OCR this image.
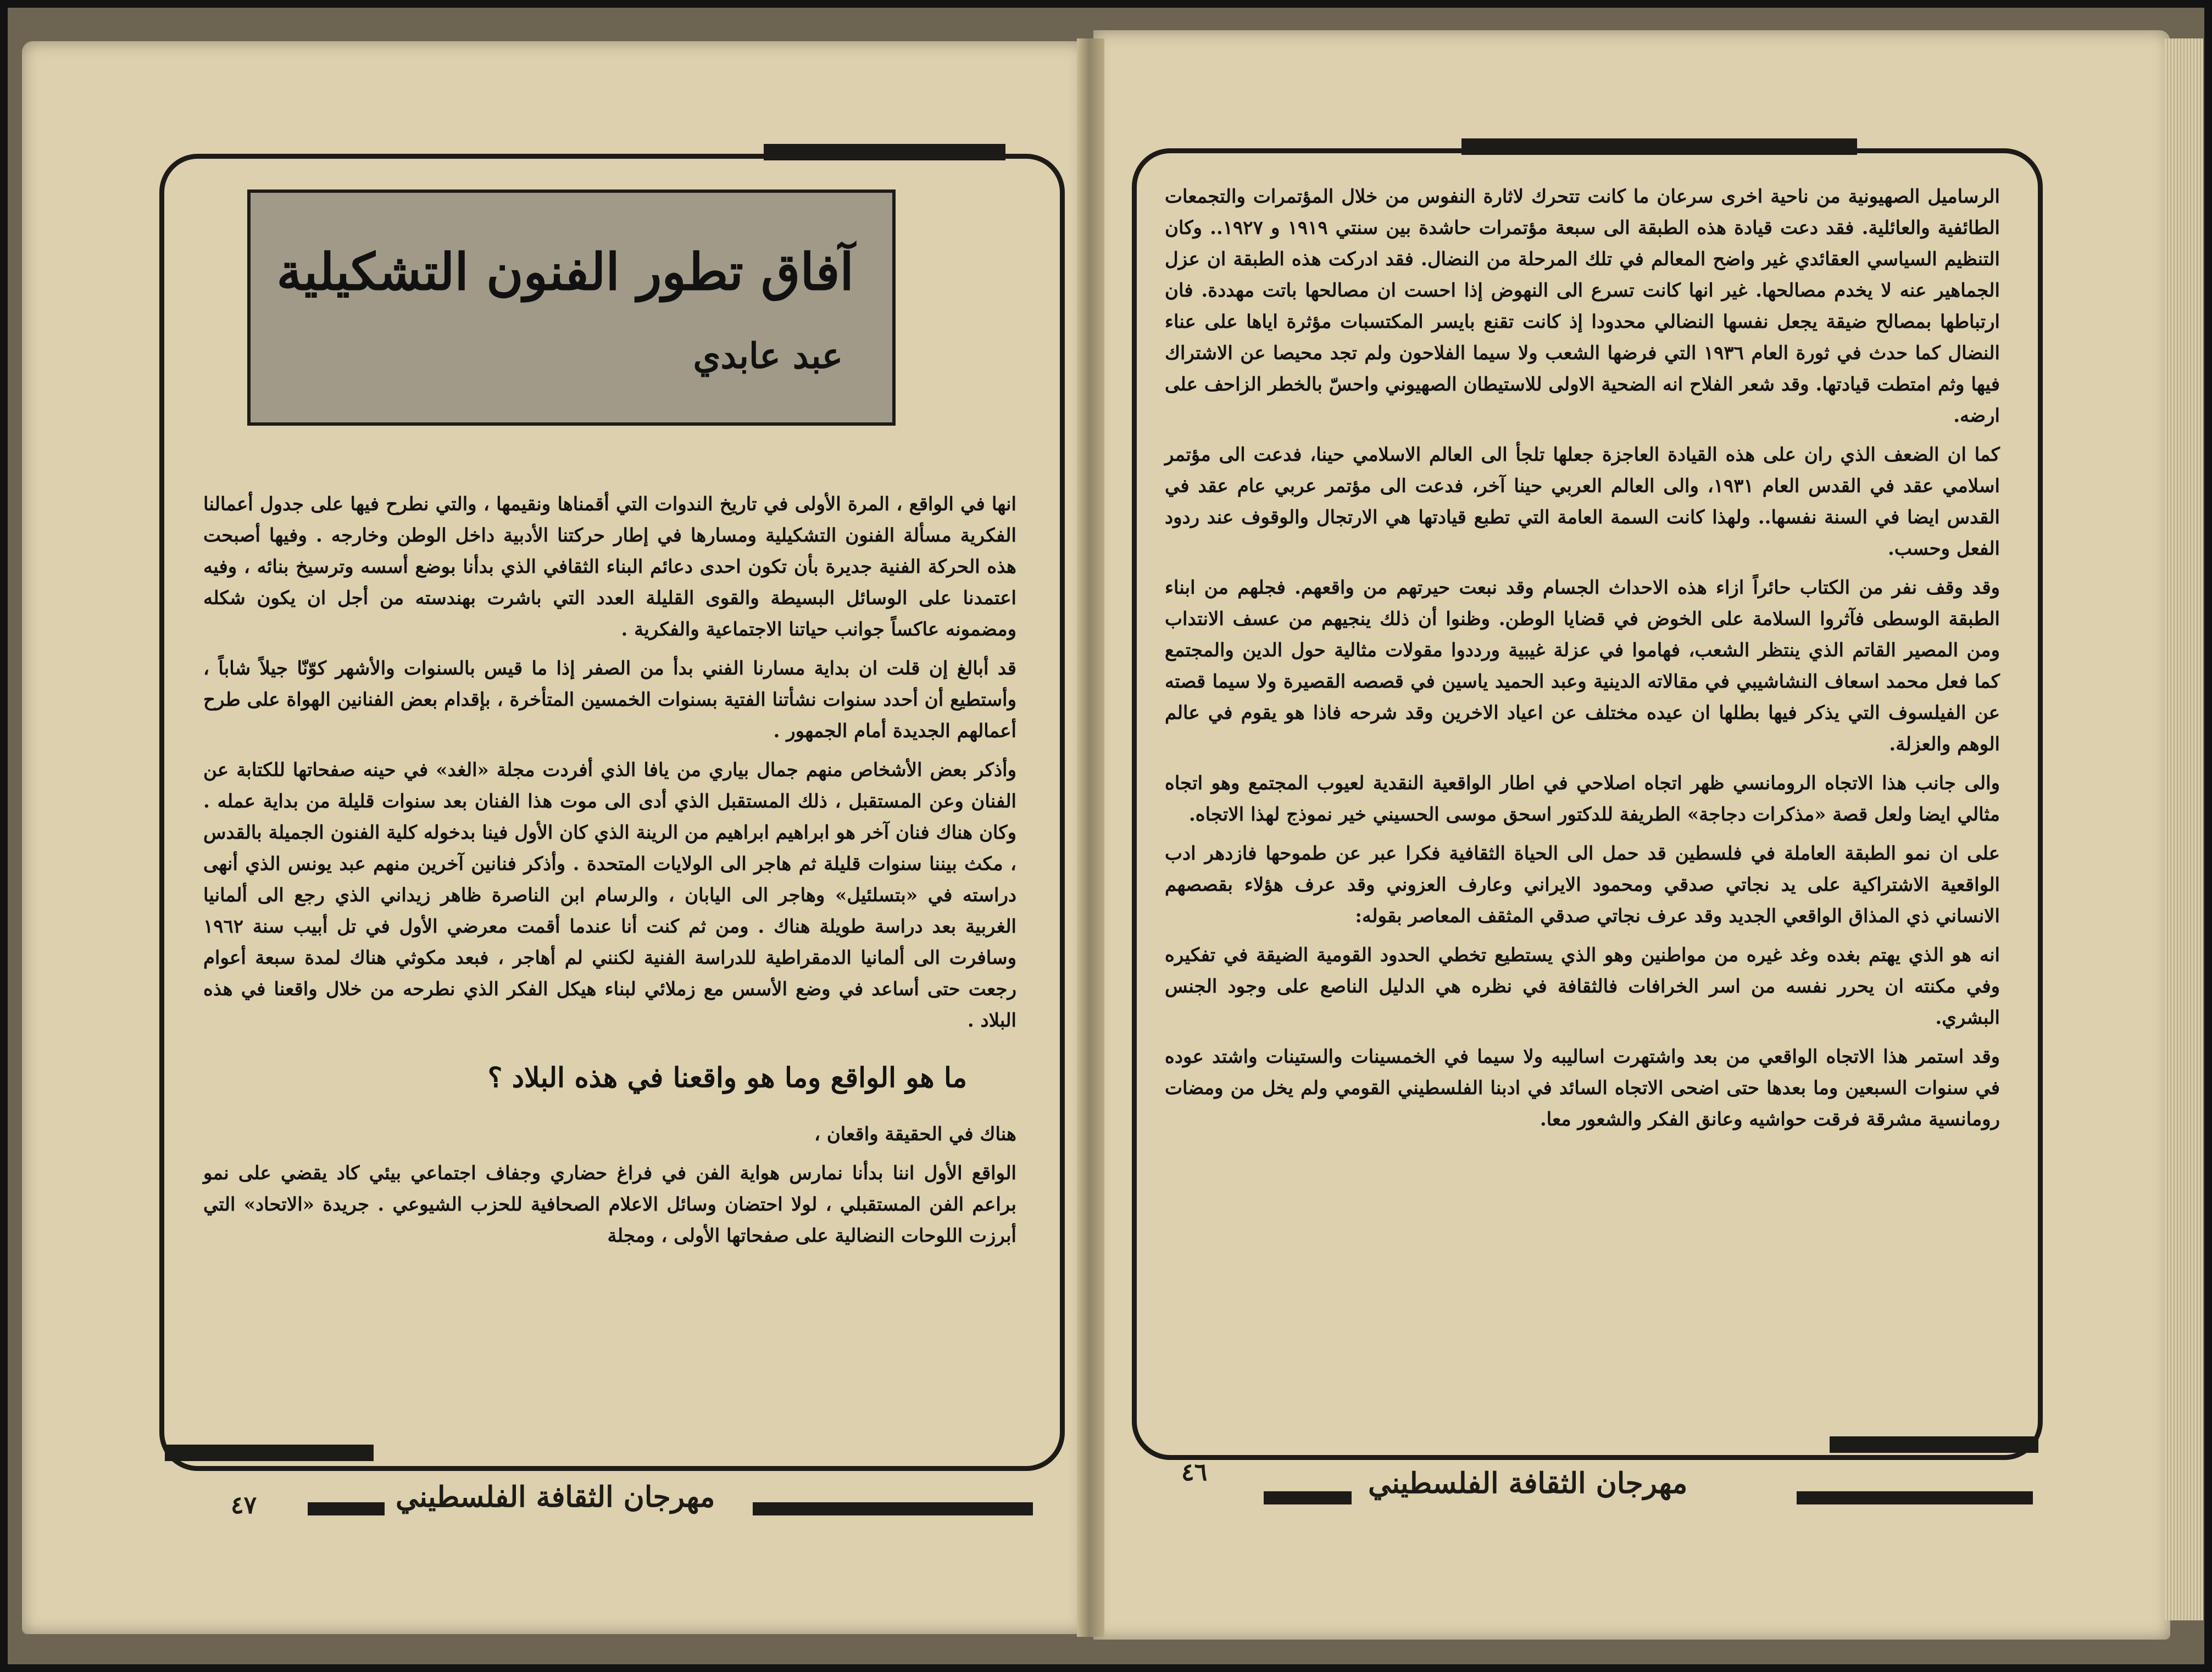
آفاق تطور الفنون التشكيلية
عبد عابدي

انها في الواقع ، المرة الأولى في تاريخ الندوات التي أقمناها ونقيمها ، والتي نطرح فيها على جدول أعمالنا الفكرية مسألة الفنون التشكيلية ومسارها في إطار حركتنا الأدبية داخل الوطن وخارجه . وفيها أصبحت هذه الحركة الفنية جديرة بأن تكون احدى دعائم البناء الثقافي الذي بدأنا بوضع أسسه وترسيخ بنائه ، وفيه اعتمدنا على الوسائل البسيطة والقوى القليلة العدد التي باشرت بهندسته من أجل ان يكون شكله ومضمونه عاكساً جوانب حياتنا الاجتماعية والفكرية .

قد أبالغ إن قلت ان بداية مسارنا الفني بدأ من الصفر إذا ما قيس بالسنوات والأشهر كوّنّا جيلاً شاباً ، وأستطيع أن أحدد سنوات نشأتنا الفتية بسنوات الخمسين المتأخرة ، بإقدام بعض الفنانين الهواة على طرح أعمالهم الجديدة أمام الجمهور .

وأذكر بعض الأشخاص منهم جمال بياري من يافا الذي أفردت مجلة «الغد» في حينه صفحاتها للكتابة عن الفنان وعن المستقبل ، ذلك المستقبل الذي أدى الى موت هذا الفنان بعد سنوات قليلة من بداية عمله . وكان هناك فنان آخر هو ابراهيم ابراهيم من الرينة الذي كان الأول فينا بدخوله كلية الفنون الجميلة بالقدس ، مكث بيننا سنوات قليلة ثم هاجر الى الولايات المتحدة . وأذكر فنانين آخرين منهم عبد يونس الذي أنهى دراسته في «بتسلئيل» وهاجر الى اليابان ، والرسام ابن الناصرة ظاهر زيداني الذي رجع الى ألمانيا الغربية بعد دراسة طويلة هناك . ومن ثم كنت أنا عندما أقمت معرضي الأول في تل أبيب سنة ١٩٦٢ وسافرت الى ألمانيا الدمقراطية للدراسة الفنية لكنني لم أهاجر ، فبعد مكوثي هناك لمدة سبعة أعوام رجعت حتى أساعد في وضع الأسس مع زملائي لبناء هيكل الفكر الذي نطرحه من خلال واقعنا في هذه البلاد .

ما هو الواقع وما هو واقعنا في هذه البلاد ؟

هناك في الحقيقة واقعان ،

الواقع الأول اننا بدأنا نمارس هواية الفن في فراغ حضاري وجفاف اجتماعي بيئي كاد يقضي على نمو براعم الفن المستقبلي ، لولا احتضان وسائل الاعلام الصحافية للحزب الشيوعي . جريدة «الاتحاد» التي أبرزت اللوحات النضالية على صفحاتها الأولى ، ومجلة

٤٧	مهرجان الثقافة الفلسطيني

الرساميل الصهيونية من ناحية اخرى سرعان ما كانت تتحرك لاثارة النفوس من خلال المؤتمرات والتجمعات الطائفية والعائلية. فقد دعت قيادة هذه الطبقة الى سبعة مؤتمرات حاشدة بين سنتي ١٩١٩ و ١٩٢٧.. وكان التنظيم السياسي العقائدي غير واضح المعالم في تلك المرحلة من النضال. فقد ادركت هذه الطبقة ان عزل الجماهير عنه لا يخدم مصالحها. غير انها كانت تسرع الى النهوض إذا احست ان مصالحها باتت مهددة. فان ارتباطها بمصالح ضيقة يجعل نفسها النضالي محدودا إذ كانت تقنع بايسر المكتسبات مؤثرة اياها على عناء النضال كما حدث في ثورة العام ١٩٣٦ التي فرضها الشعب ولا سيما الفلاحون ولم تجد محيصا عن الاشتراك فيها وثم امتطت قيادتها. وقد شعر الفلاح انه الضحية الاولى للاستيطان الصهيوني واحسّ بالخطر الزاحف على ارضه.

كما ان الضعف الذي ران على هذه القيادة العاجزة جعلها تلجأ الى العالم الاسلامي حينا، فدعت الى مؤتمر اسلامي عقد في القدس العام ١٩٣١، والى العالم العربي حينا آخر، فدعت الى مؤتمر عربي عام عقد في القدس ايضا في السنة نفسها.. ولهذا كانت السمة العامة التي تطبع قيادتها هي الارتجال والوقوف عند ردود الفعل وحسب.

وقد وقف نفر من الكتاب حائراً ازاء هذه الاحداث الجسام وقد نبعت حيرتهم من واقعهم. فجلهم من ابناء الطبقة الوسطى فآثروا السلامة على الخوض في قضايا الوطن. وظنوا أن ذلك ينجيهم من عسف الانتداب ومن المصير القاتم الذي ينتظر الشعب، فهاموا في عزلة غيبية ورددوا مقولات مثالية حول الدين والمجتمع كما فعل محمد اسعاف النشاشيبي في مقالاته الدينية وعبد الحميد ياسين في قصصه القصيرة ولا سيما قصته عن الفيلسوف التي يذكر فيها بطلها ان عيده مختلف عن اعياد الاخرين وقد شرحه فاذا هو يقوم في عالم الوهم والعزلة.

والى جانب هذا الاتجاه الرومانسي ظهر اتجاه اصلاحي في اطار الواقعية النقدية لعيوب المجتمع وهو اتجاه مثالي ايضا ولعل قصة «مذكرات دجاجة» الطريفة للدكتور اسحق موسى الحسيني خير نموذج لهذا الاتجاه.

على ان نمو الطبقة العاملة في فلسطين قد حمل الى الحياة الثقافية فكرا عبر عن طموحها فازدهر ادب الواقعية الاشتراكية على يد نجاتي صدقي ومحمود الايراني وعارف العزوني وقد عرف هؤلاء بقصصهم الانساني ذي المذاق الواقعي الجديد وقد عرف نجاتي صدقي المثقف المعاصر بقوله:

انه هو الذي يهتم بغده وغد غيره من مواطنين وهو الذي يستطيع تخطي الحدود القومية الضيقة في تفكيره وفي مكنته ان يحرر نفسه من اسر الخرافات فالثقافة في نظره هي الدليل الناصع على وجود الجنس البشري.

وقد استمر هذا الاتجاه الواقعي من بعد واشتهرت اساليبه ولا سيما في الخمسينات والستينات واشتد عوده في سنوات السبعين وما بعدها حتى اضحى الاتجاه السائد في ادبنا الفلسطيني القومي ولم يخل من ومضات رومانسية مشرقة فرقت حواشيه وعانق الفكر والشعور معا.

٤٦	مهرجان الثقافة الفلسطيني
